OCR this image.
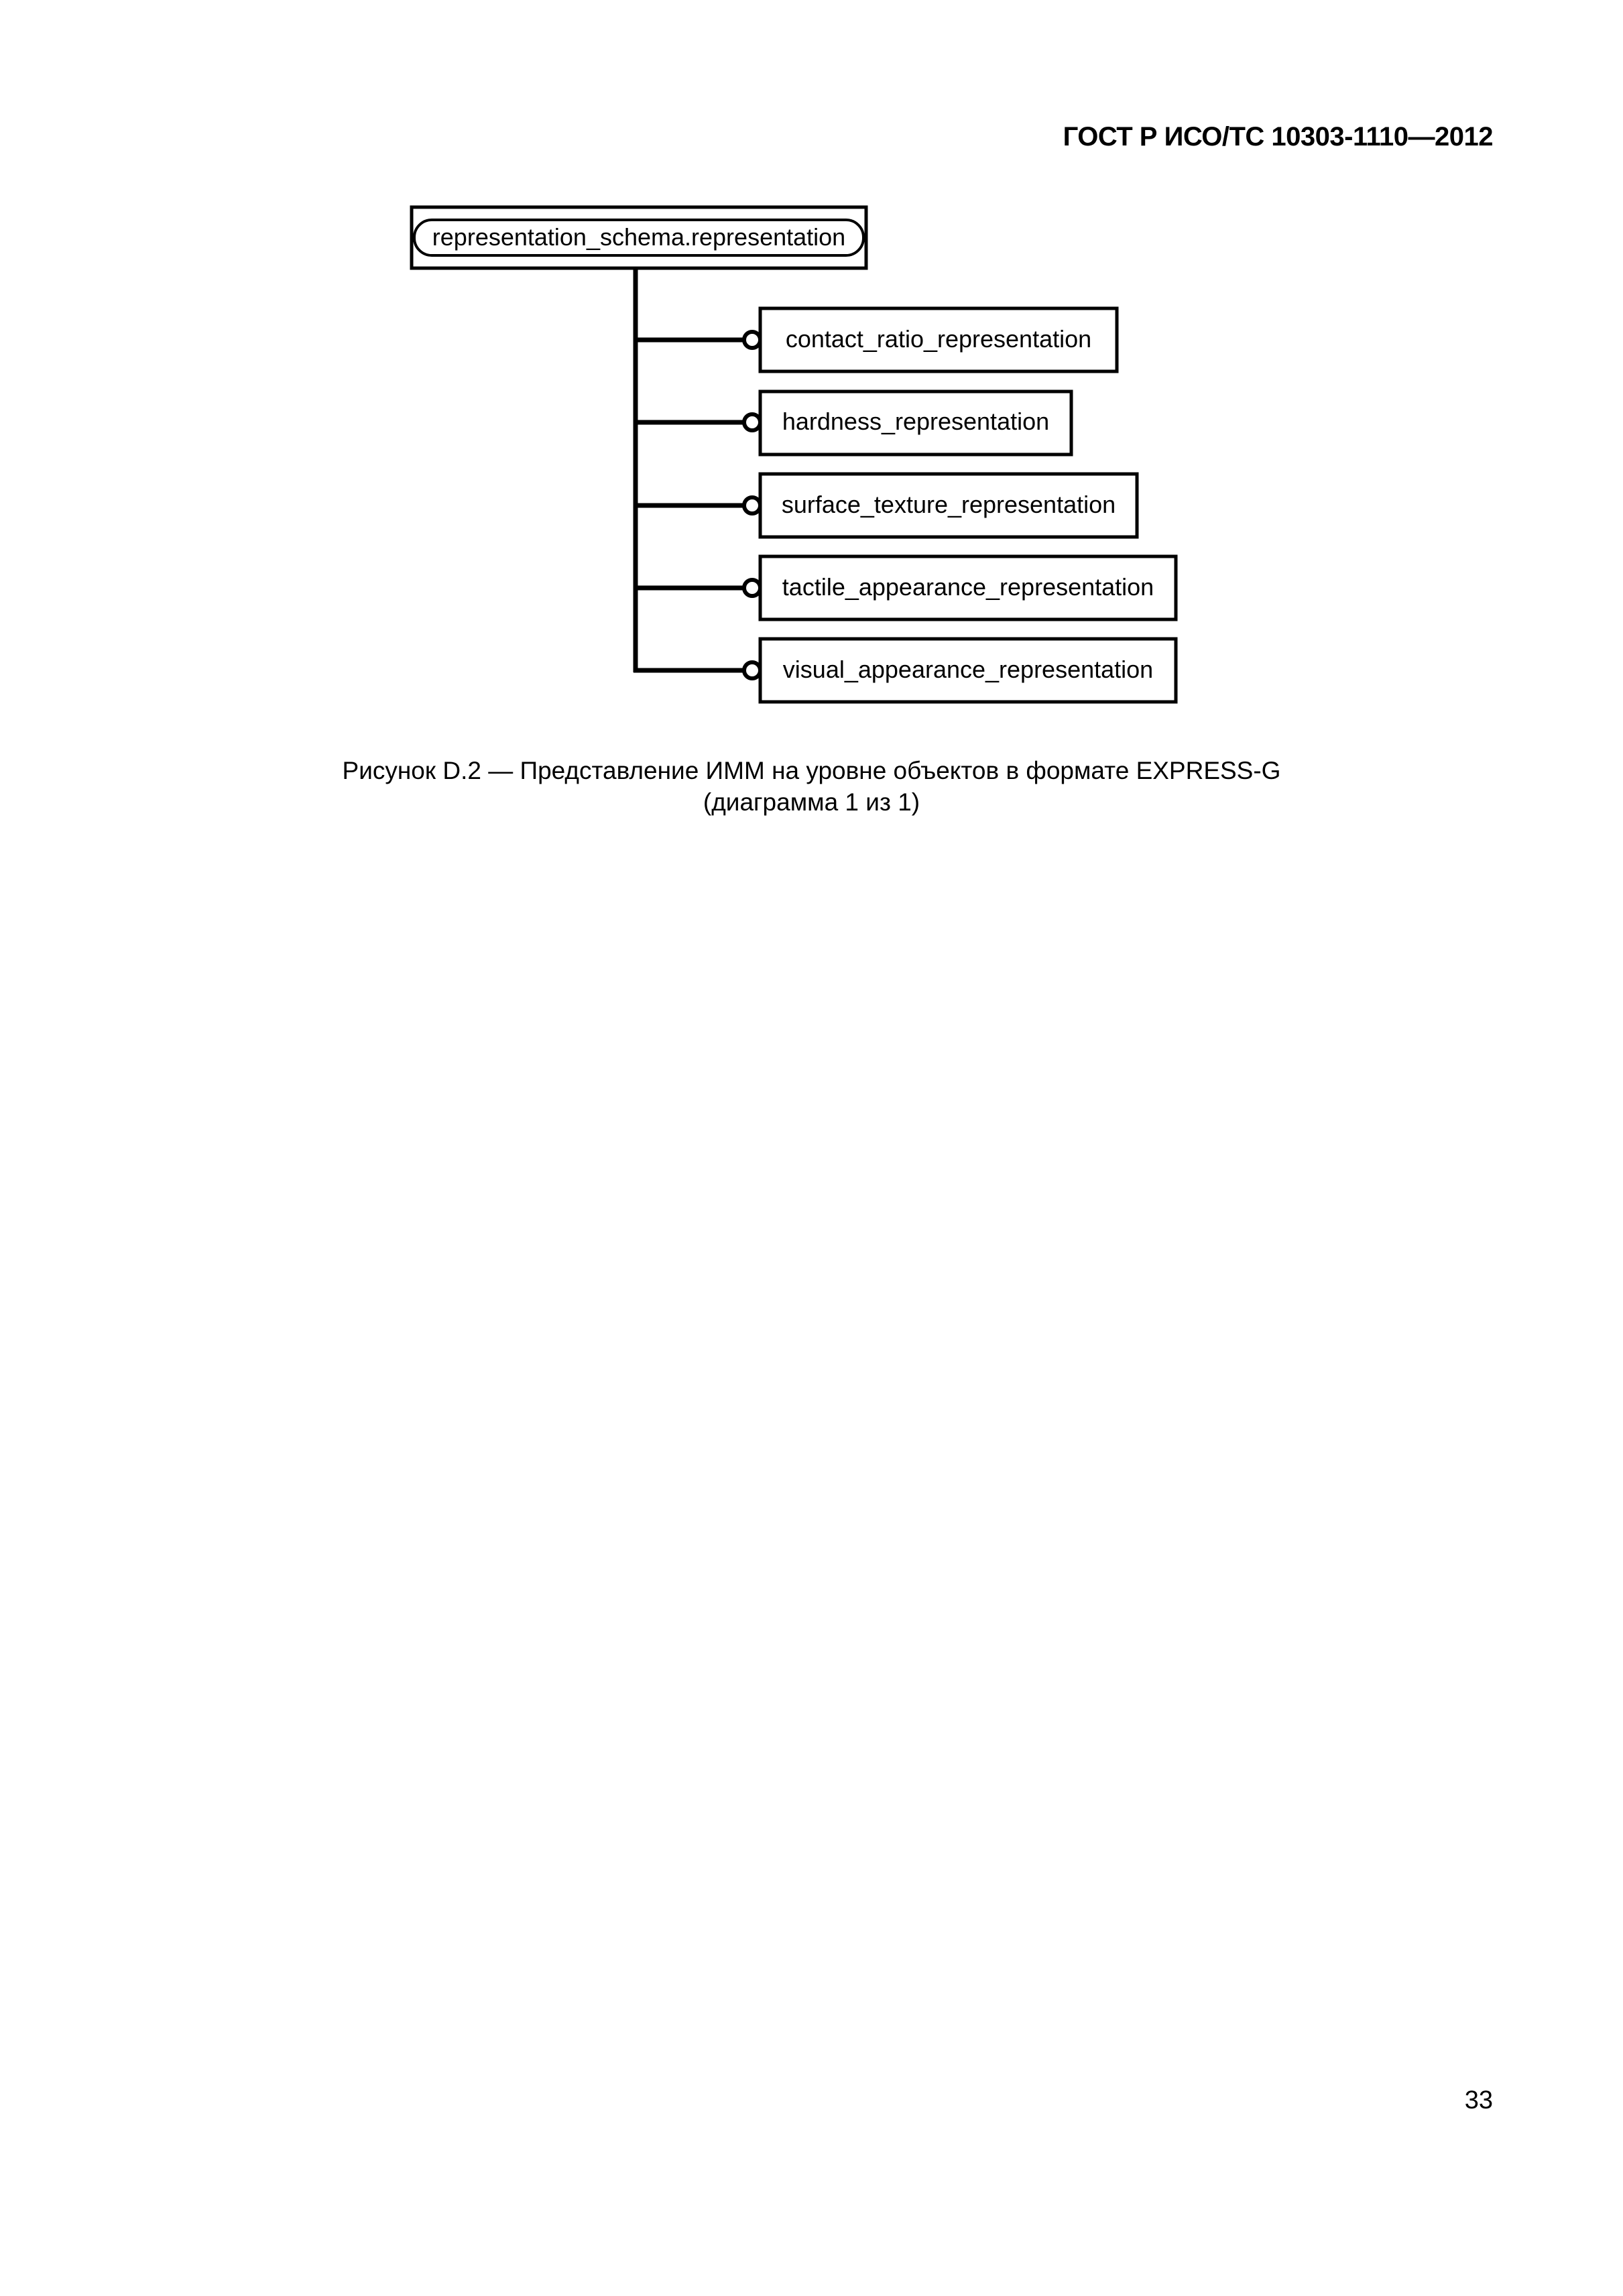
ГОСТ Р ИСО/ТС 10303-1110—2012
representation_schema.representation
contact_ratio_representation
hardness_representation
surface_texture_representation
tactile_appearance_representation
visual_appearance_representation
Рисунок D.2 — Представление ИММ на уровне объектов в формате EXPRESS-G
(диаграмма 1 из 1)
33
